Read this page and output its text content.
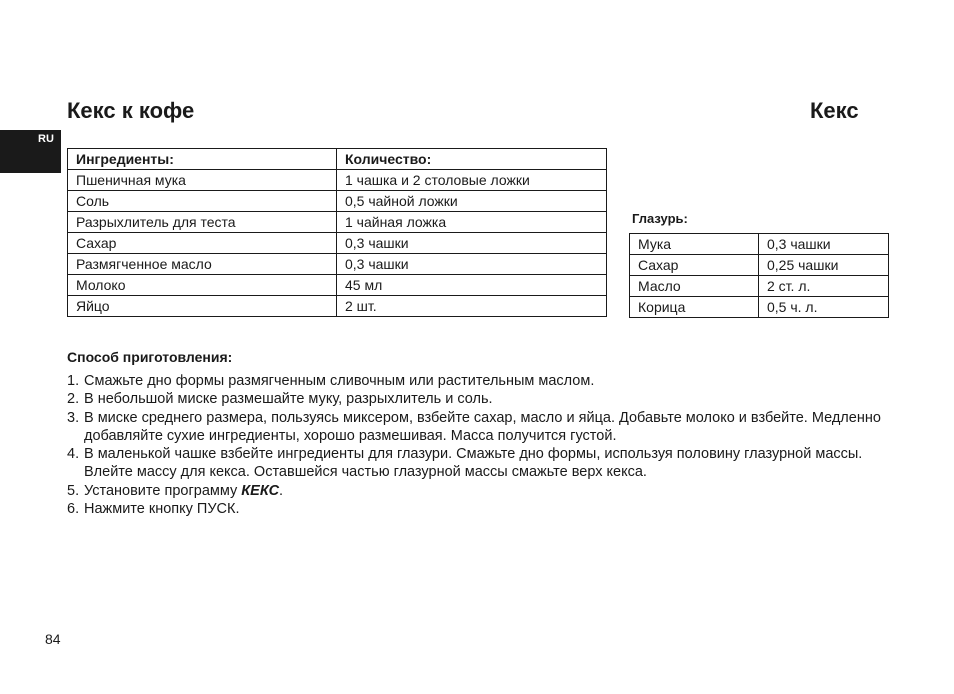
RU
Кекс к кофе	Кекс
Ингредиенты:	Количество:
Пшеничная мука	1 чашка и 2 столовые ложки
Соль	0,5 чайной ложки
Разрыхлитель для теста	1 чайная ложка
Сахар	0,3 чашки
Размягченное масло	0,3 чашки
Молоко	45 мл
Яйцо	2 шт.
Глазурь:
Мука	0,3 чашки
Сахар	0,25 чашки
Масло	2 ст. л.
Корица	0,5 ч. л.
Способ приготовления:
1. Смажьте дно формы размягченным сливочным или растительным маслом.
2. В небольшой миске размешайте муку, разрыхлитель и соль.
3. В миске среднего размера, пользуясь миксером, взбейте сахар, масло и яйца. Добавьте молоко и взбейте. Медленно добавляйте сухие ингредиенты, хорошо размешивая. Масса получится густой.
4. В маленькой чашке взбейте ингредиенты для глазури. Смажьте дно формы, используя половину глазурной массы. Влейте массу для кекса. Оставшейся частью глазурной массы смажьте верх кекса.
5. Установите программу КЕКС.
6. Нажмите кнопку ПУСК.
84
